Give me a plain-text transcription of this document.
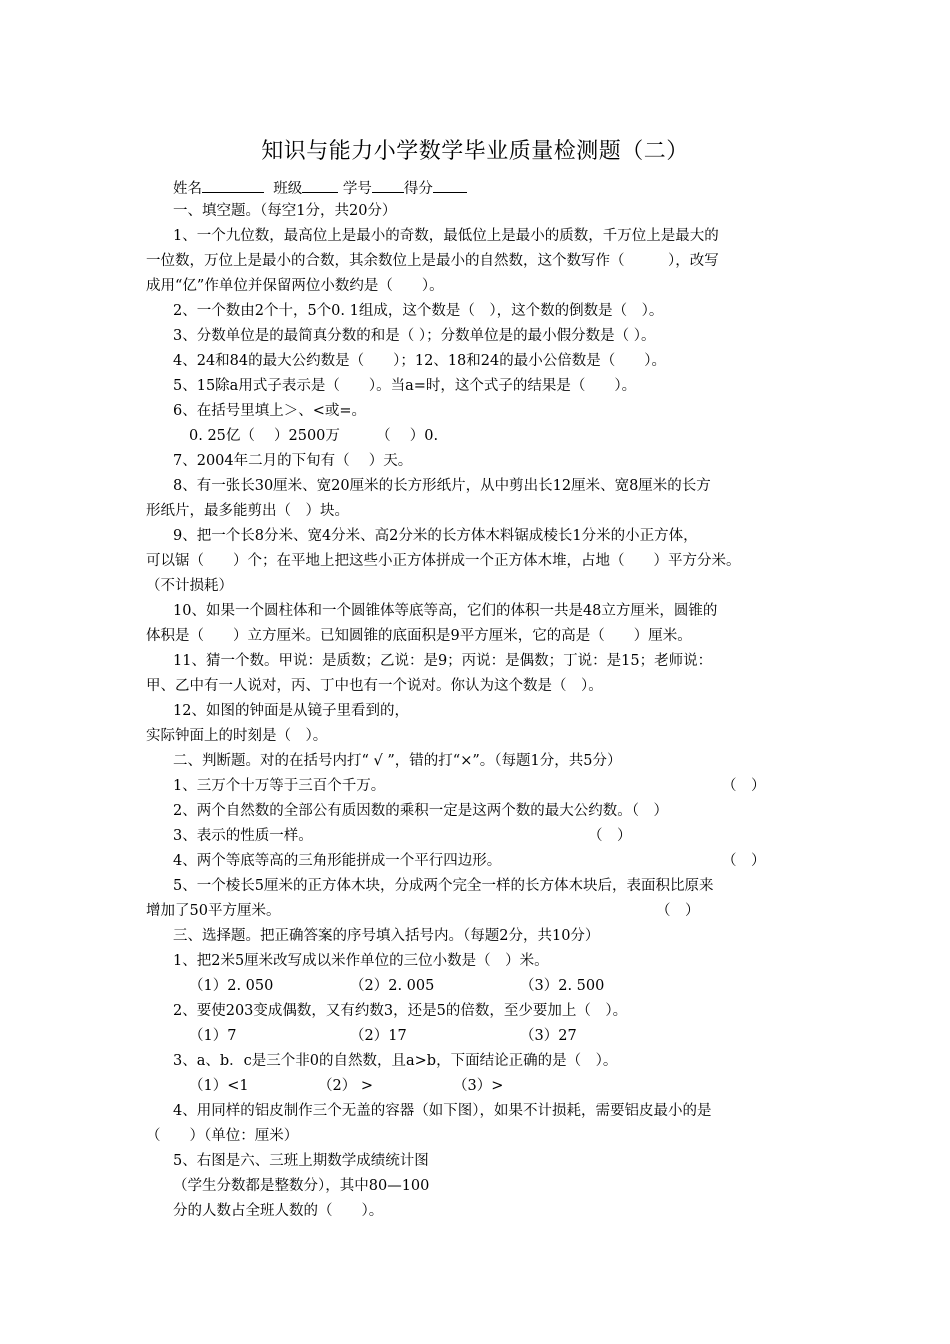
知识与能力小学数学毕业质量检测题（二）
姓名	班级	学号 得分
一、填空题。（每空1分，共20分）
1、一个九位数，最高位上是最小的奇数，最低位上是最小的质数，千万位上是最大的
一位数，万位上是最小的合数，其余数位上是最小的自然数，这个数写作（　　　），改写
成用“亿”作单位并保留两位小数约是（　　）。
2、一个数由2个十，5个0. 1组成，这个数是（　），这个数的倒数是（　）。
3、分数单位是的最简真分数的和是（ ）；分数单位是的最小假分数是（ ）。
4、24和84的最大公约数是（　　）；12、18和24的最小公倍数是（　　）。
5、15除a用式子表示是（　　）。当a=时，这个式子的结果是（　　）。
6、在括号里填上＞、<或=。
0. 25亿（　 ）2500万　　　（　 ）0.
7、2004年二月的下旬有（　 ）天。
8、有一张长30厘米、宽20厘米的长方形纸片，从中剪出长12厘米、宽8厘米的长方
形纸片，最多能剪出（　）块。
9、把一个长8分米、宽4分米、高2分米的长方体木料锯成棱长1分米的小正方体，
可以锯（　　）个；在平地上把这些小正方体拼成一个正方体木堆，占地（　　）平方分米。
（不计损耗）
10、如果一个圆柱体和一个圆锥体等底等高，它们的体积一共是48立方厘米，圆锥的
体积是（　　）立方厘米。已知圆锥的底面积是9平方厘米，它的高是（　　）厘米。
11、猜一个数。甲说：是质数；乙说：是9；丙说：是偶数；丁说：是15；老师说：
甲、乙中有一人说对，丙、丁中也有一个说对。你认为这个数是（　）。
12、如图的钟面是从镜子里看到的，
实际钟面上的时刻是（　）。
二、判断题。对的在括号内打“ √ ”，错的打“×”。（每题1分，共5分）
1、三万个十万等于三百个千万。	（　）
2、两个自然数的全部公有质因数的乘积一定是这两个数的最大公约数。（　）
3、表示的性质一样。	（　）
4、两个等底等高的三角形能拼成一个平行四边形。	（　）
5、一个棱长5厘米的正方体木块，分成两个完全一样的长方体木块后，表面积比原来
增加了50平方厘米。	（　）
三、选择题。把正确答案的序号填入括号内。（每题2分，共10分）
1、把2米5厘米改写成以米作单位的三位小数是（　）米。
（1）2. 050	（2）2. 005	（3）2. 500
2、要使203变成偶数，又有约数3，还是5的倍数，至少要加上（　）。
（1）7	（2）17	（3）27
3、a、b．c是三个非0的自然数，且a>b，下面结论正确的是（　）。
（1）<1	（2） >	（3）>
4、用同样的铝皮制作三个无盖的容器（如下图），如果不计损耗，需要铝皮最小的是
（　　）（单位：厘米）
5、右图是六、三班上期数学成绩统计图
（学生分数都是整数分），其中80—100
分的人数占全班人数的（　　）。
